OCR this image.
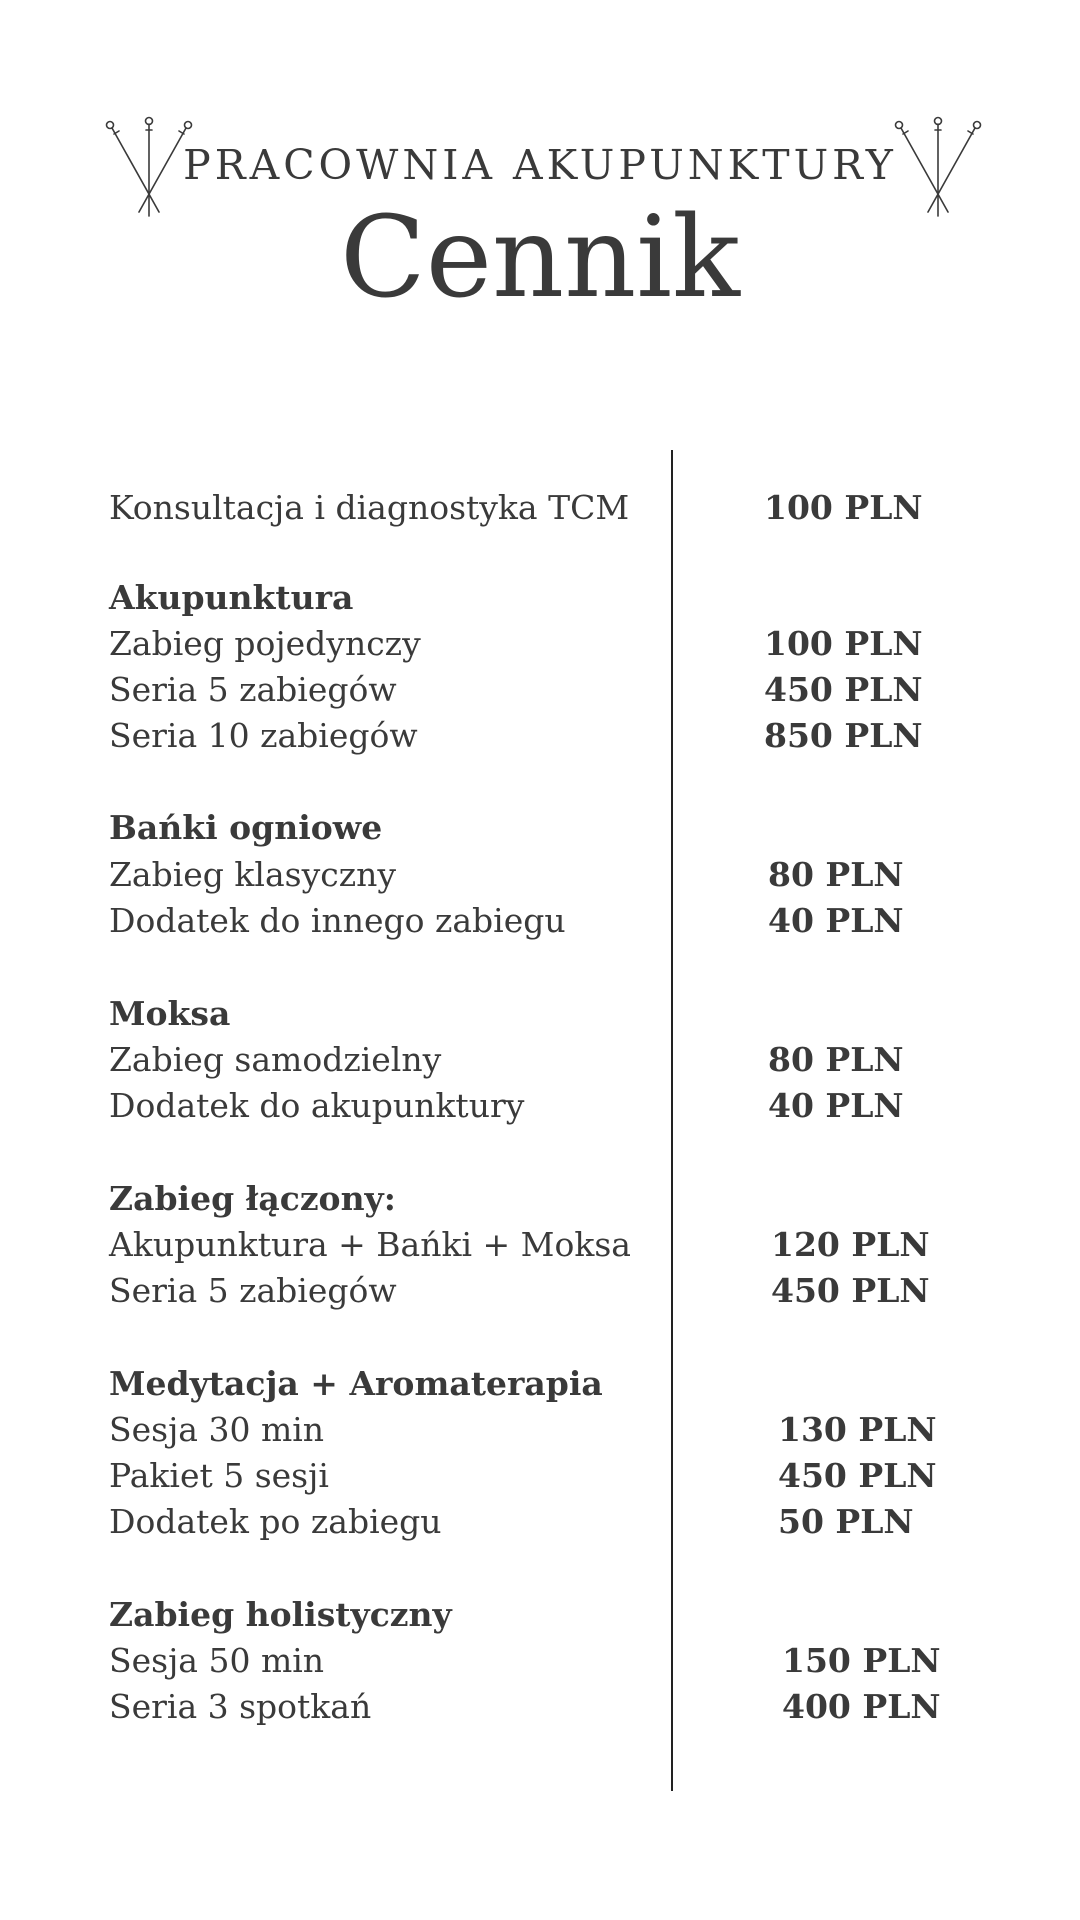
PRACOWNIA AKUPUNKTURY
Cennik
Konsultacja i diagnostyka TCM	100 PLN
Akupunktura
Zabieg pojedynczy	100 PLN
Seria 5 zabiegów	450 PLN
Seria 10 zabiegów	850 PLN
Bańki ogniowe
Zabieg klasyczny	80 PLN
Dodatek do innego zabiegu	40 PLN
Moksa
Zabieg samodzielny	80 PLN
Dodatek do akupunktury	40 PLN
Zabieg łączony:
Akupunktura + Bańki + Moksa	120 PLN
Seria 5 zabiegów	450 PLN
Medytacja + Aromaterapia
Sesja 30 min	130 PLN
Pakiet 5 sesji	450 PLN
Dodatek po zabiegu	50 PLN
Zabieg holistyczny
Sesja 50 min	150 PLN
Seria 3 spotkań	400 PLN
